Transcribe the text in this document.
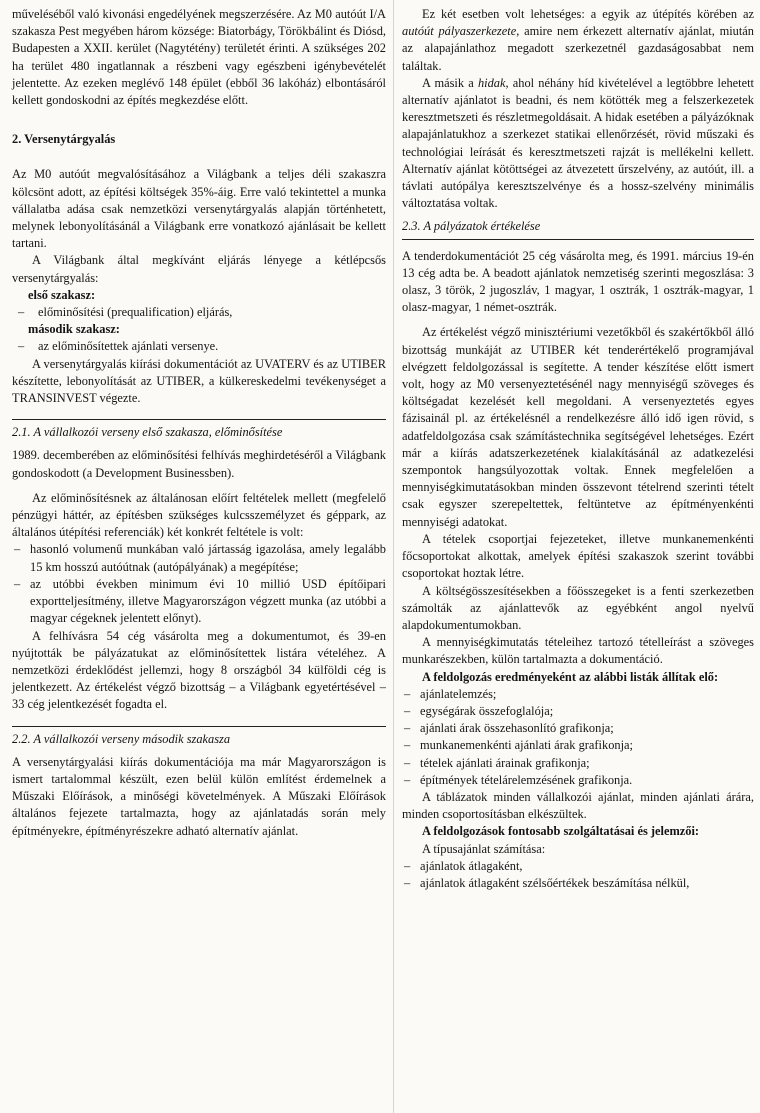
műveléséből való kivonási engedélyének megszerzésére. Az M0 autóút I/A szakasza Pest megyében három községe: Biatorbágy, Törökbálint és Diósd, Budapesten a XXII. kerület (Nagytétény) területét érinti. A szükséges 202 ha terület 480 ingatlannak a részbeni vagy egészbeni igénybevételét jelentette. Az ezeken meglévő 148 épület (ebből 36 lakóház) elbontásáról kellett gondoskodni az építés megkezdése előtt.

2. Versenytárgyalás

Az M0 autóút megvalósításához a Világbank a teljes déli szakaszra kölcsönt adott, az építési költségek 35%-áig. Erre való tekintettel a munka vállalatba adása csak nemzetközi versenytárgyalás alapján történhetett, melynek lebonyolításánál a Világbank erre vonatkozó ajánlásait be kellett tartani.

A Világbank által megkívánt eljárás lényege a kétlépcsős versenytárgyalás:

első szakasz:

– előminősítési (prequalification) eljárás,

második szakasz:

– az előminősítettek ajánlati versenye.

A versenytárgyalás kiírási dokumentációt az UVATERV és az UTIBER készítette, lebonyolítását az UTIBER, a külkereskedelmi tevékenységet a TRANSINVEST végezte.

2.1. A vállalkozói verseny első szakasza, előminősítése

1989. decemberében az előminősítési felhívás meghirdetéséről a Világbank gondoskodott (a Development Businessben).

Az előminősítésnek az általánosan előírt feltételek mellett (megfelelő pénzügyi háttér, az építésben szükséges kulcsszemélyzet és géppark, az általános útépítési referenciák) két konkrét feltétele is volt:

– hasonló volumenű munkában való jártasság igazolása, amely legalább 15 km hosszú autóútnak (autópályának) a megépítése;
– az utóbbi években minimum évi 10 millió USD építőipari exportteljesítmény, illetve Magyarországon végzett munka (az utóbbi a magyar cégeknek jelentett előnyt).

A felhívásra 54 cég vásárolta meg a dokumentumot, és 39-en nyújtották be pályázatukat az előminősítettek listára vételéhez. A nemzetközi érdeklődést jellemzi, hogy 8 országból 34 külföldi cég is jelentkezett. Az értékelést végző bizottság – a Világbank egyetértésével – 33 cég jelentkezését fogadta el.

2.2. A vállalkozói verseny második szakasza

A versenytárgyalási kiírás dokumentációja ma már Magyarországon is ismert tartalommal készült, ezen belül külön említést érdemelnek a Műszaki Előírások, a minőségi követelmények. A Műszaki Előírások általános fejezete tartalmazta, hogy az ajánlatadás során mely építményekre, építményrészekre adható alternatív ajánlat.

Ez két esetben volt lehetséges: a egyik az útépítés körében az autóút pályaszerkezete, amire nem érkezett alternatív ajánlat, miután az alapajánlathoz megadott szerkezetnél gazdaságosabbat nem találtak.

A másik a hidak, ahol néhány híd kivételével a legtöbbre lehetett alternatív ajánlatot is beadni, és nem kötötték meg a felszerkezetek keresztmetszeti és részletmegoldásait. A hidak esetében a pályázóknak alapajánlatukhoz a szerkezet statikai ellenőrzését, rövid műszaki és technológiai leírását és keresztmetszeti rajzát is mellékelni kellett. Alternatív ajánlat kötöttségei az átvezetett űrszelvény, az autóút, ill. a távlati autópálya keresztszelvénye és a hossz-szelvény minimális változtatása voltak.

2.3. A pályázatok értékelése

A tenderdokumentációt 25 cég vásárolta meg, és 1991. március 19-én 13 cég adta be. A beadott ajánlatok nemzetiség szerinti megoszlása: 3 olasz, 3 török, 2 jugoszláv, 1 magyar, 1 osztrák, 1 osztrák-magyar, 1 olasz-magyar, 1 német-osztrák.

Az értékelést végző minisztériumi vezetőkből és szakértőkből álló bizottság munkáját az UTIBER két tenderértékelő programjával elvégzett feldolgozással is segítette. A tender készítése előtt ismert volt, hogy az M0 versenyeztetésénél nagy mennyiségű szöveges és költségadat kezelését kell megoldani. A versenyeztetés egyes fázisainál pl. az értékelésnél a rendelkezésre álló idő igen rövid, s adatfeldolgozása csak számítástechnika segítségével lehetséges. Ezért már a kiírás adatszerkezetének kialakításánál az adatkezelési szempontok hangsúlyozottak voltak. Ennek megfelelően a mennyiségkimutatásokban minden összevont tételrend szerinti tételt csak egyszer szerepeltettek, feltüntetve az építményenkénti mennyiségi adatokat.

A tételek csoportjai fejezeteket, illetve munkanemenkénti főcsoportokat alkottak, amelyek építési szakaszok szerint további csoportokat hoztak létre.

A költségösszesítésekben a főösszegeket is a fenti szerkezetben számolták az ajánlattevők az egyébként angol nyelvű alapdokumentumokban.

A mennyiségkimutatás tételeihez tartozó tételleírást a szöveges munkarészekben, külön tartalmazta a dokumentáció.

A feldolgozás eredményeként az alábbi listák állítak elő:

– ajánlatelemzés;
– egységárak összefoglalója;
– ajánlati árak összehasonlító grafikonja;
– munkanemenkénti ajánlati árak grafikonja;
– tételek ajánlati árainak grafikonja;
– építmények tételárelemzésének grafikonja.

A táblázatok minden vállalkozói ajánlat, minden ajánlati árára, minden csoportosításban elkészültek.

A feldolgozások fontosabb szolgáltatásai és jelemzői:

A típusajánlat számítása:

– ajánlatok átlagaként,
– ajánlatok átlagaként szélsőértékek beszámítása nélkül,
